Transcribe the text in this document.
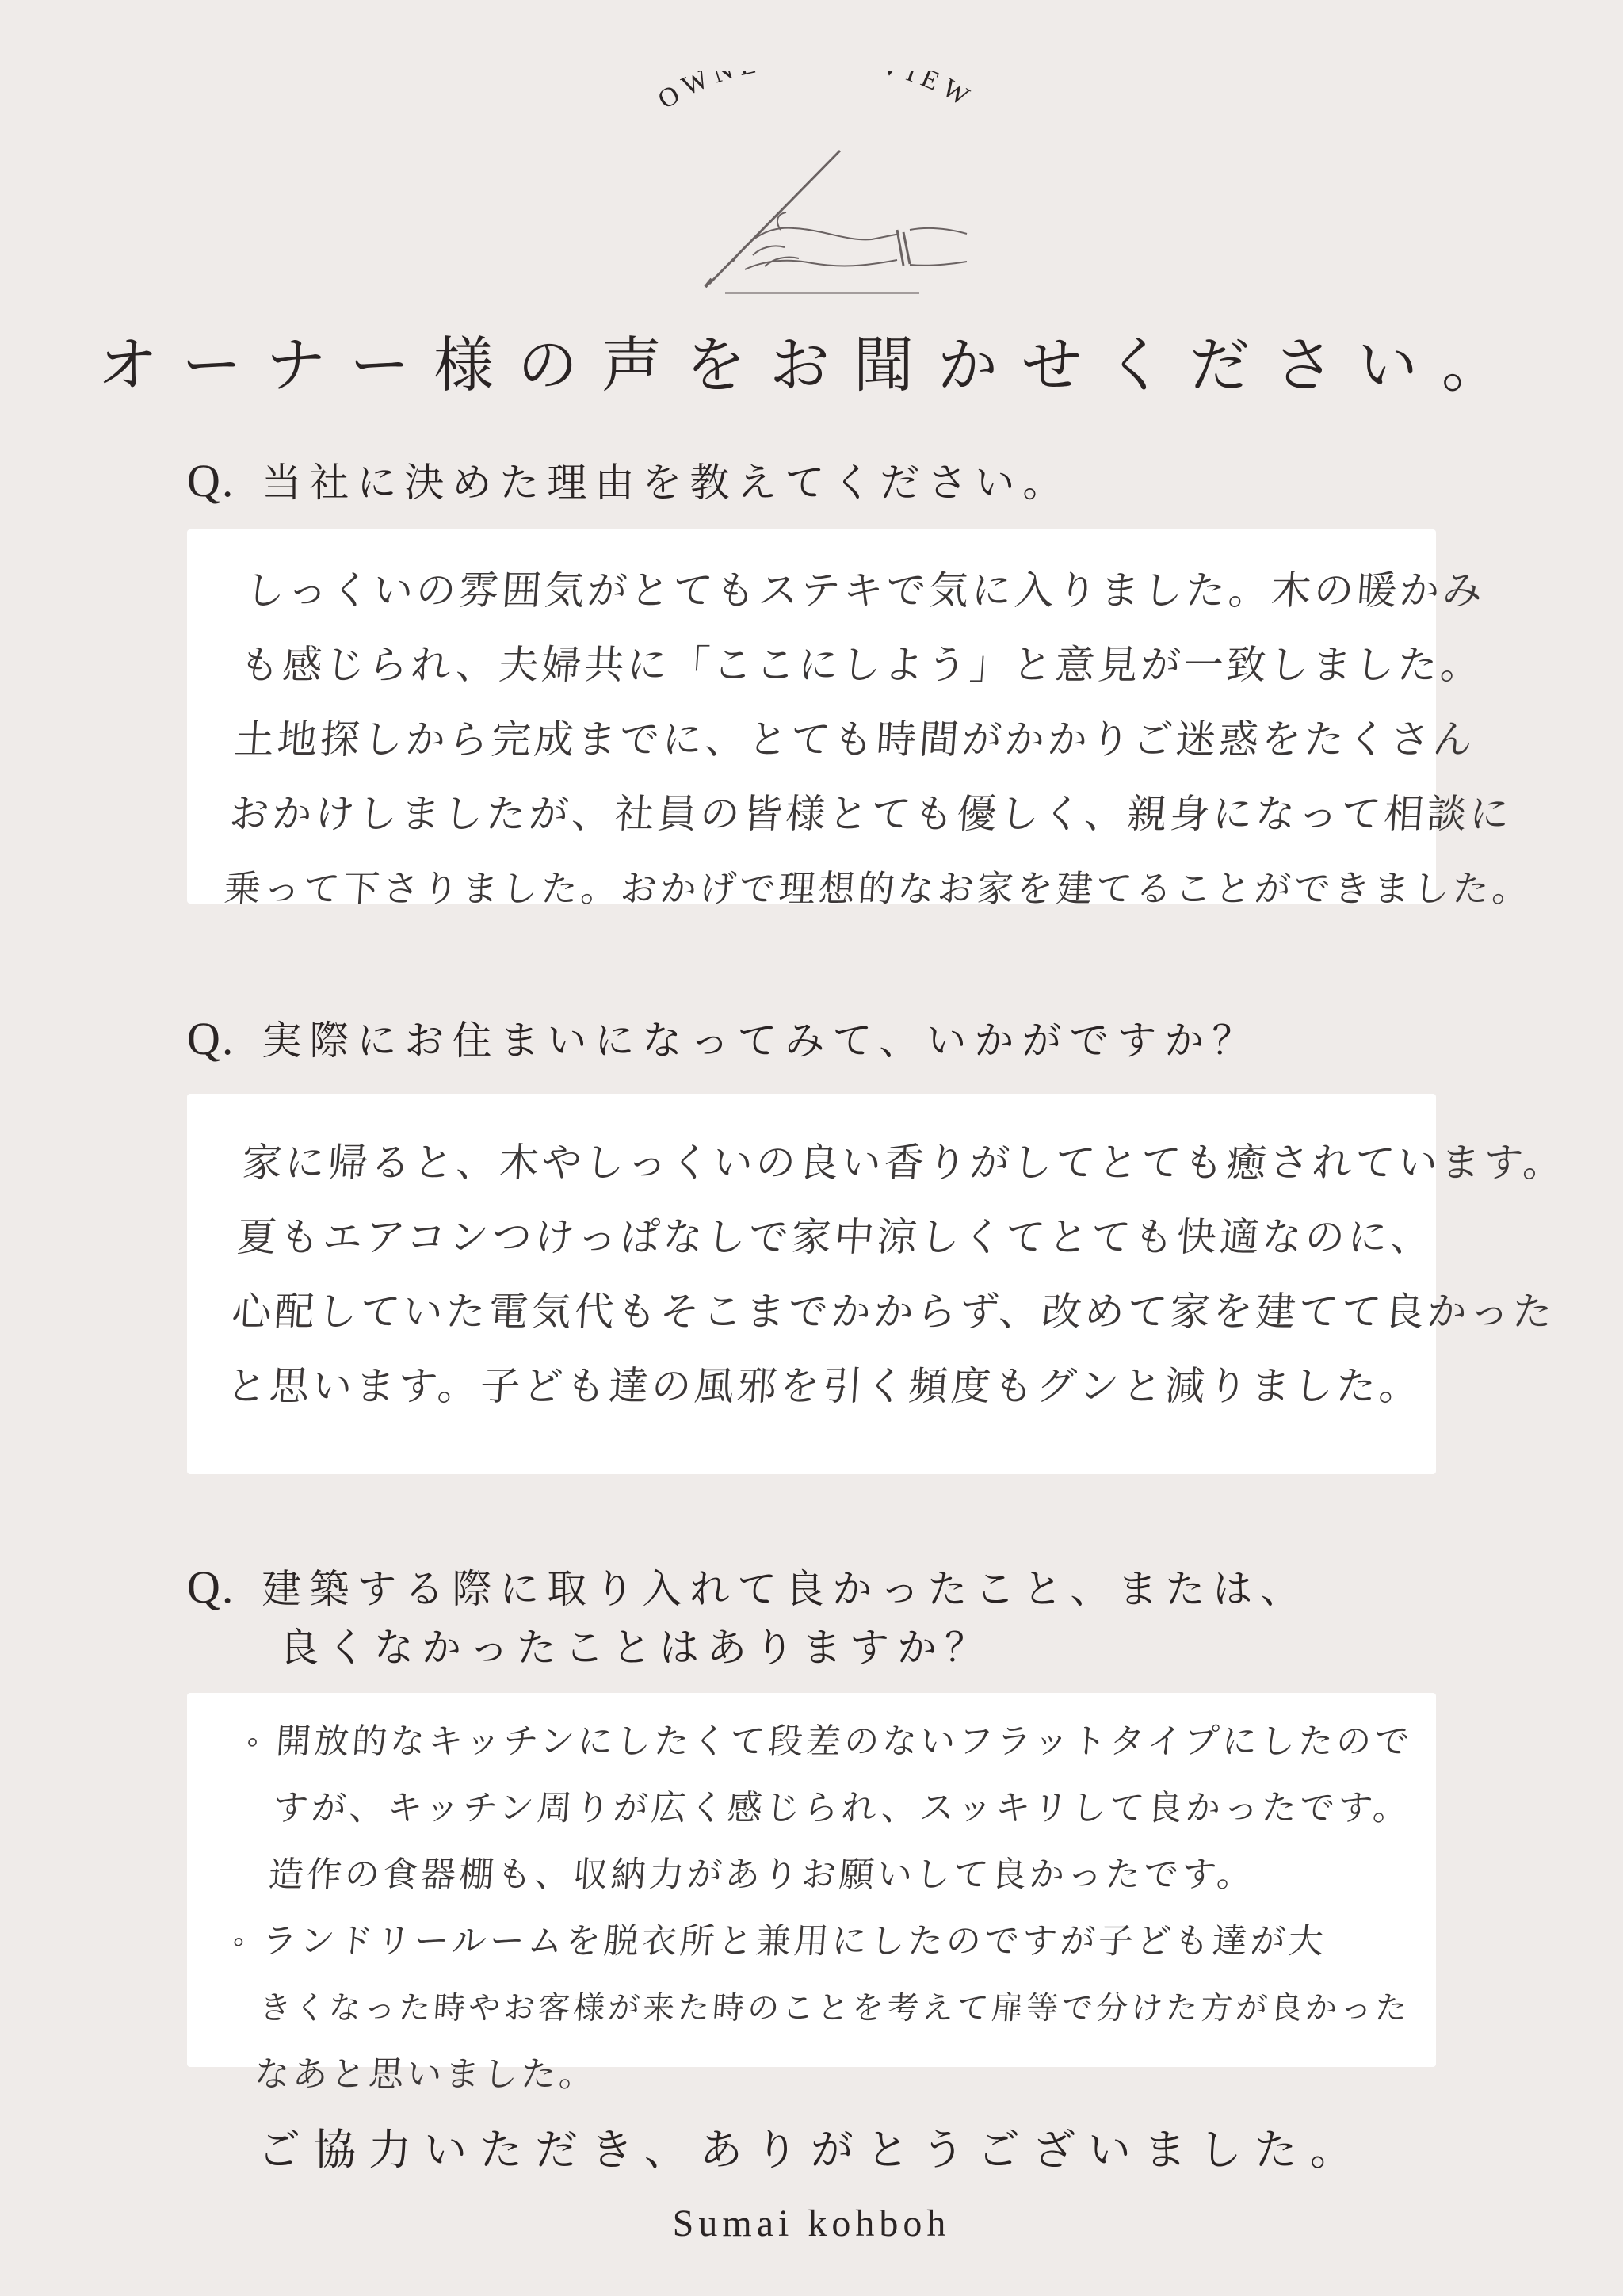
OW IEW
オーナー様の声をお聞かせください。
Q. 当社に決めた理由を教えてください。
しっくいの雰囲気がとてもステキで気に入りました。木の暖かみ
も感じられ、夫婦共に「ここにしよう」と意見が一致しました。
土地探しから完成までに、とても時間がかかりご迷惑をたくさん
おかけしましたが、社員の皆様とても優しく、親身になって相談に
乗って下さりました。おかげで理想的なお家を建てることができました。
Q. 実際にお住まいになってみて、いかがですか？
家に帰ると、木やしっくいの良い香りがしてとても癒されています。
夏もエアコンつけっぱなしで家中涼しくてとても快適なのに、
心配していた電気代もそこまでかからず、改めて家を建てて良かった
と思います。子ども達の風邪を引く頻度もグンと減りました。
Q. 建築する際に取り入れて良かったこと、または、
良くなかったことはありますか？
◦ 開放的なキッチンにしたくて段差のないフラットタイプにしたので
すが、キッチン周りが広く感じられ、スッキリして良かったです。
造作の食器棚も、収納力がありお願いして良かったです。
◦ ランドリールームを脱衣所と兼用にしたのですが子ども達が大
きくなった時やお客様が来た時のことを考えて扉等で分けた方が良かった
なあと思いました。
ご協力いただき、ありがとうございました。
Sumai kohboh
